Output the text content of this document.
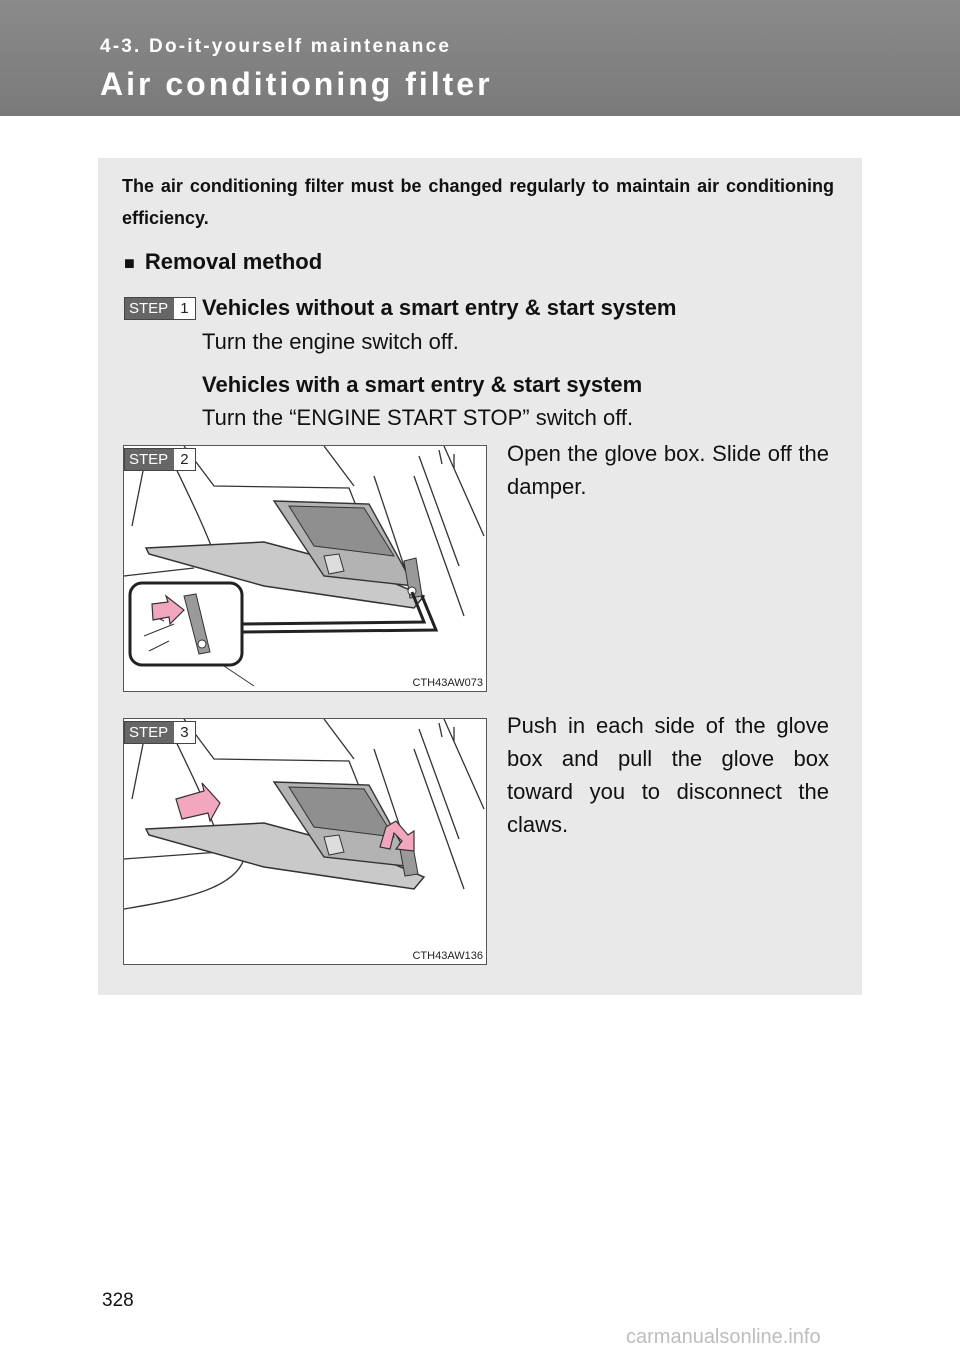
4-3. Do-it-yourself maintenance
Air conditioning filter
The air conditioning filter must be changed regularly to maintain air conditioning efficiency.
■ Removal method
STEP 1 Vehicles without a smart entry & start system
Turn the engine switch off.
Vehicles with a smart entry & start system
Turn the “ENGINE START STOP” switch off.
CTH43AW073
STEP 2	Open the glove box. Slide off the damper.
CTH43AW136
STEP 3	Push in each side of the glove box and pull the glove box toward you to disconnect the claws.
328
carmanualsonline.info
